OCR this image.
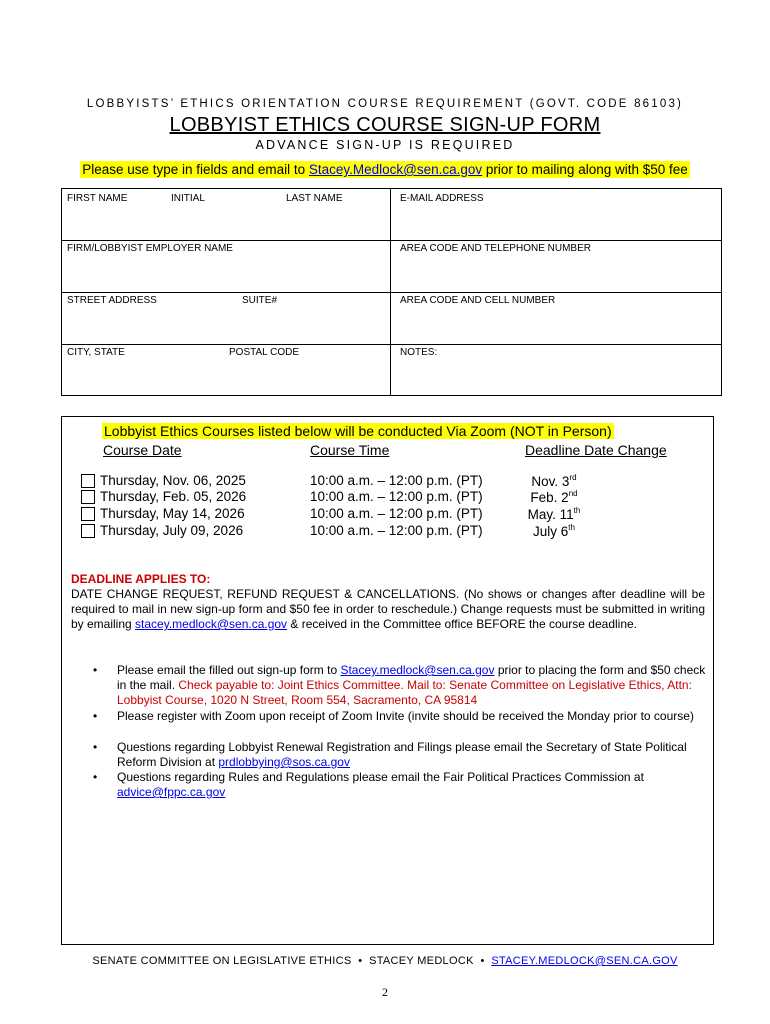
LOBBYISTS’ ETHICS ORIENTATION COURSE REQUIREMENT (GOVT. CODE 86103)
LOBBYIST ETHICS COURSE SIGN-UP FORM
ADVANCE SIGN-UP IS REQUIRED
Please use type in fields and email to Stacey.Medlock@sen.ca.gov prior to mailing along with $50 fee
FIRST NAME	INITIAL	LAST NAME	E-MAIL ADDRESS
FIRM/LOBBYIST EMPLOYER NAME	AREA CODE AND TELEPHONE NUMBER
STREET ADDRESS	SUITE#	AREA CODE AND CELL NUMBER
CITY, STATE	POSTAL CODE	NOTES:
Lobbyist Ethics Courses listed below will be conducted Via Zoom (NOT in Person)
Course Date	Course Time	Deadline Date Change
Thursday, Nov. 06, 2025	10:00 a.m. – 12:00 p.m. (PT)	Nov. 3rd
Thursday, Feb. 05, 2026	10:00 a.m. – 12:00 p.m. (PT)	Feb. 2nd
Thursday, May 14, 2026	10:00 a.m. – 12:00 p.m. (PT)	May. 11th
Thursday, July 09, 2026	10:00 a.m. – 12:00 p.m. (PT)	July 6th
DEADLINE APPLIES TO:
DATE CHANGE REQUEST, REFUND REQUEST & CANCELLATIONS. (No shows or changes after deadline will be required to mail in new sign-up form and $50 fee in order to reschedule.) Change requests must be submitted in writing by emailing stacey.medlock@sen.ca.gov & received in the Committee office BEFORE the course deadline.
• Please email the filled out sign-up form to Stacey.medlock@sen.ca.gov prior to placing the form and $50 check in the mail. Check payable to: Joint Ethics Committee. Mail to: Senate Committee on Legislative Ethics, Attn: Lobbyist Course, 1020 N Street, Room 554, Sacramento, CA 95814
• Please register with Zoom upon receipt of Zoom Invite (invite should be received the Monday prior to course)
• Questions regarding Lobbyist Renewal Registration and Filings please email the Secretary of State Political Reform Division at prdlobbying@sos.ca.gov
• Questions regarding Rules and Regulations please email the Fair Political Practices Commission at advice@fppc.ca.gov
SENATE COMMITTEE ON LEGISLATIVE ETHICS • STACEY MEDLOCK • STACEY.MEDLOCK@SEN.CA.GOV
2
